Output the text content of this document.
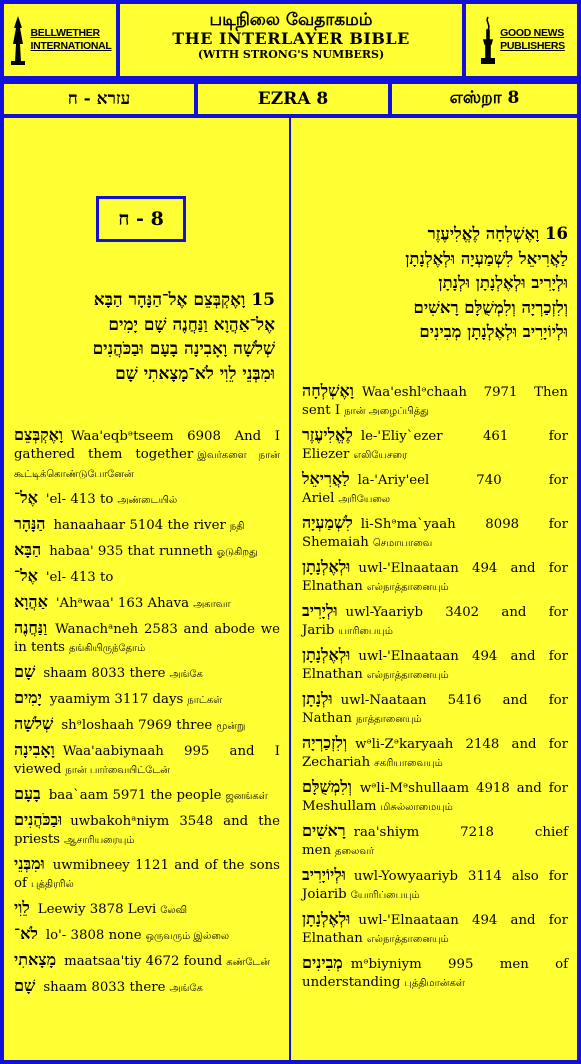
BELLWETHER
INTERNATIONAL
படிநிலை வேதாகமம்
THE INTERLAYER BIBLE
(WITH STRONG'S NUMBERS)
GOOD NEWS
PUBLISHERS
עזרא - ח	EZRA 8	எஸ்றா 8
8 - ח
15 וָאֶקְבְּצֵם אֶל־הַנָּהָר הַבָּא
אֶל־אַהֲוָא וַנַּחֲנֶה שָׁם יָמִים
שְׁלֹשָׁה וָאָבִינָה בָעָם וּבַכֹּהֲנִים
וּמִבְּנֵי לֵוִי לֹא־מָצָאתִי שָׁם
וָאֶקְבְּצֵם Waa'eqbᵊtseem 6908 And I gathered them together இவர்களை நான் கூட்டிக்கொண்டுபோனேன்
אֶל־ 'el- 413 to அண்டையில்
הַנָּהָר hanaahaar 5104 the river நதி
הַבָּא habaa' 935 that runneth ஓடுகிறது
אֶל־ 'el- 413 to
אַהֲוָא 'Ahᵃwaa' 163 Ahava அகாவா
וַנַּחֲנֶה Wanachᵃneh 2583 and abode we in tents தங்கியிருந்தோம்
שָׁם shaam 8033 there அங்கே
יָמִים yaamiym 3117 days நாட்கள்
שְׁלֹשָׁה shᵊloshaah 7969 three மூன்று
וָאָבִינָה Waa'aabiynaah 995 and I viewed நான் பார்வையிட்டேன்
בָעָם baa`aam 5971 the people ஜனங்கள்
וּבַכֹּהֲנִים uwbakohᵃniym 3548 and the priests ஆசாரியரையும்
וּמִבְּנֵי uwmibneey 1121 and of the sons of புத்திரரில்
לֵוִי Leewiy 3878 Levi லேவி
לֹא־ lo'- 3808 none ஒருவரும் இல்லை
מָצָאתִי maatsaa'tiy 4672 found கண்டேன்
שָׁם shaam 8033 there அங்கே
16 וָאֶשְׁלְחָה לֶאֱלִיעֶזֶר
לַאֲרִיאֵל לִשְׁמַעְיָה וּלְאֶלְנָתָן
וּלְיָרִיב וּלְאֶלְנָתָן וּלְנָתָן
וְלִזְכַרְיָה וְלִמְשֻׁלָּם רָאשִׁים
וּלְיוֹיָרִיב וּלְאֶלְנָתָן מְבִינִים
וָאֶשְׁלְחָה Waa'eshlᵊchaah 7971 Then sent I நான் அழைப்பித்து
לֶאֱלִיעֶזֶר le-'Eliy`ezer 461 for Eliezer எலியேசரை
לַאֲרִיאֵל la-'Ariy'eel 740 for Ariel அரியேலை
לִשְׁמַעְיָה li-Shᵊma`yaah 8098 for Shemaiah செமாயாவை
וּלְאֶלְנָתָן uwl-'Elnaataan 494 and for Elnathan எல்நாத்தானையும்
וּלְיָרִיב uwl-Yaariyb 3402 and for Jarib யாரிபையும்
וּלְאֶלְנָתָן uwl-'Elnaataan 494 and for Elnathan எல்நாத்தானையும்
וּלְנָתָן uwl-Naataan 5416 and for Nathan நாத்தானையும்
וְלִזְכַרְיָה wᵊli-Zᵊkaryaah 2148 and for Zechariah சகரியாவையும்
וְלִמְשֻׁלָּם wᵊli-Mᵊshullaam 4918 and for Meshullam மிசுல்லாமையும்
רָאשִׁים raa'shiym 7218 chief men தலைவர்
וּלְיוֹיָרִיב uwl-Yowyaariyb 3114 also for Joiarib யோரிப்பையும்
וּלְאֶלְנָתָן uwl-'Elnaataan 494 and for Elnathan எல்நாத்தானையும்
מְבִינִים mᵊbiyniym 995 men of understanding புத்திமான்கள்
